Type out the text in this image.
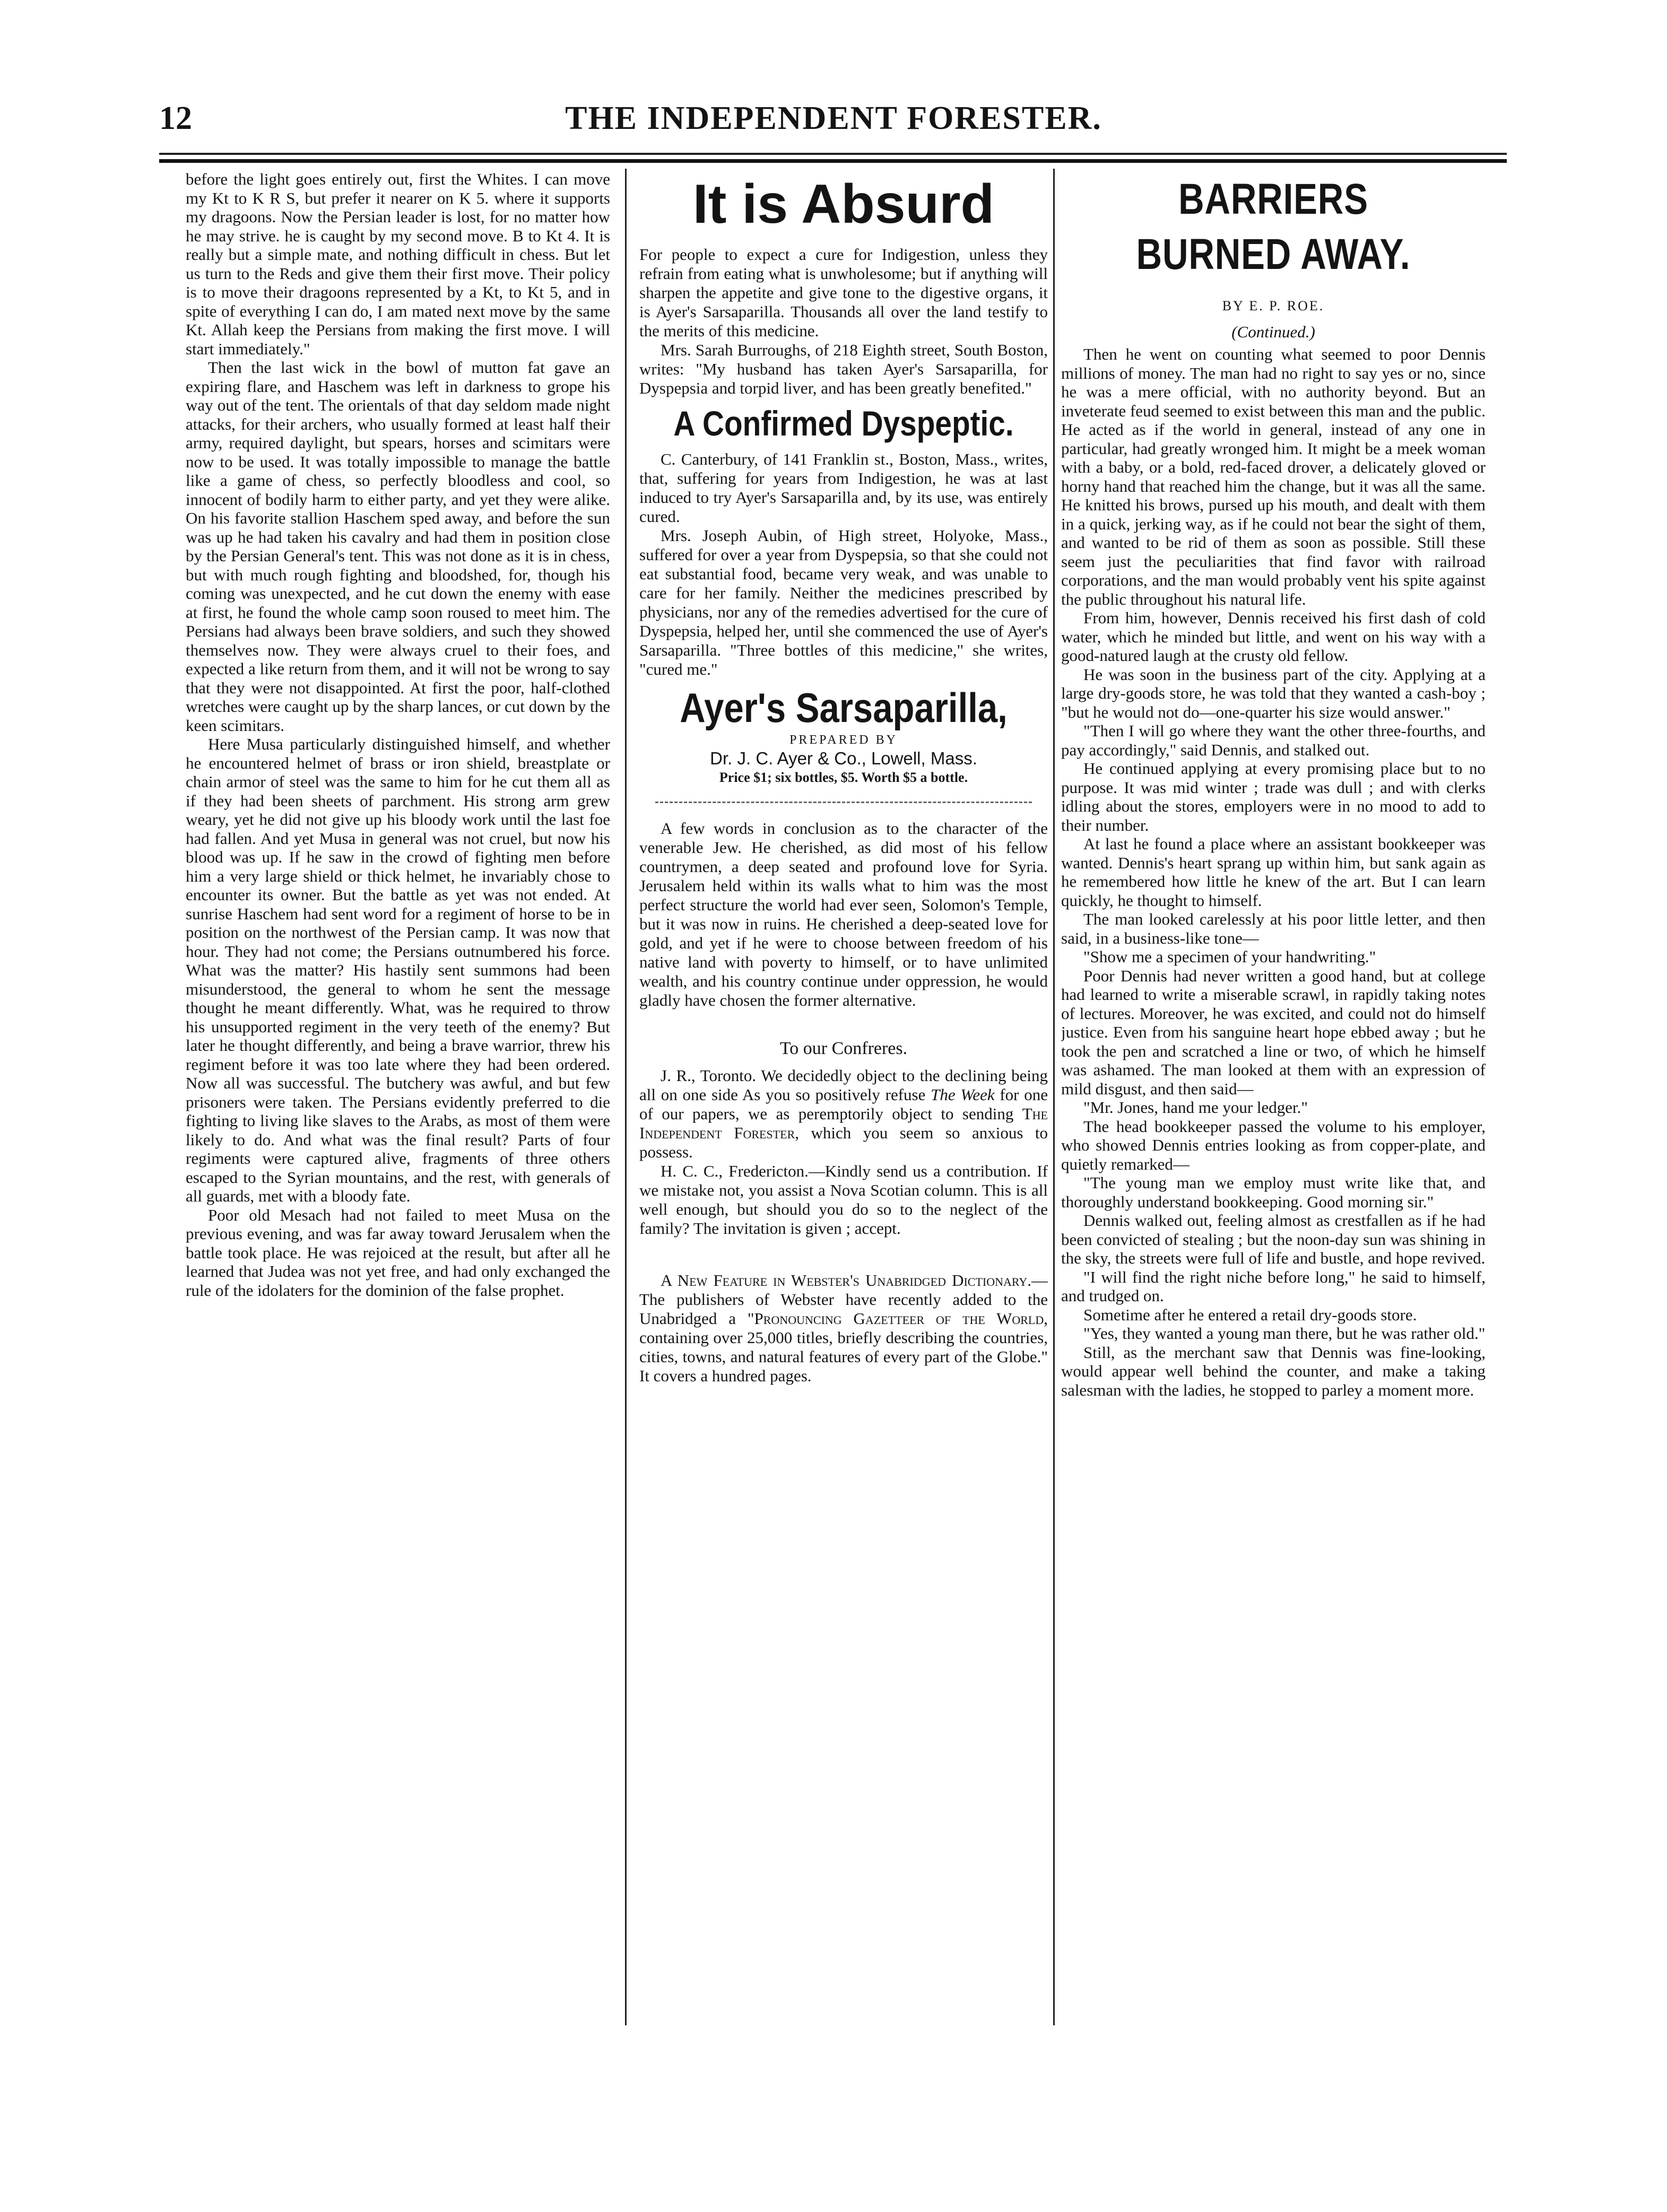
12	THE INDEPENDENT FORESTER.

before the light goes entirely out, first the Whites. I can move my Kt to K R S, but prefer it nearer on K 5. where it supports my dragoons. Now the Persian leader is lost, for no matter how he may strive. he is caught by my second move. B to Kt 4. It is really but a simple mate, and nothing difficult in chess. But let us turn to the Reds and give them their first move. Their policy is to move their dragoons represented by a Kt, to Kt 5, and in spite of everything I can do, I am mated next move by the same Kt. Allah keep the Persians from making the first move. I will start immediately."

Then the last wick in the bowl of mutton fat gave an expiring flare, and Haschem was left in darkness to grope his way out of the tent. The orientals of that day seldom made night attacks, for their archers, who usually formed at least half their army, required daylight, but spears, horses and scimitars were now to be used. It was totally impossible to manage the battle like a game of chess, so perfectly bloodless and cool, so innocent of bodily harm to either party, and yet they were alike. On his favorite stallion Haschem sped away, and before the sun was up he had taken his cavalry and had them in position close by the Persian General's tent. This was not done as it is in chess, but with much rough fighting and bloodshed, for, though his coming was unexpected, and he cut down the enemy with ease at first, he found the whole camp soon roused to meet him. The Persians had always been brave soldiers, and such they showed themselves now. They were always cruel to their foes, and expected a like return from them, and it will not be wrong to say that they were not disappointed. At first the poor, half-clothed wretches were caught up by the sharp lances, or cut down by the keen scimitars.

Here Musa particularly distinguished himself, and whether he encountered helmet of brass or iron shield, breastplate or chain armor of steel was the same to him for he cut them all as if they had been sheets of parchment. His strong arm grew weary, yet he did not give up his bloody work until the last foe had fallen. And yet Musa in general was not cruel, but now his blood was up. If he saw in the crowd of fighting men before him a very large shield or thick helmet, he invariably chose to encounter its owner. But the battle as yet was not ended. At sunrise Haschem had sent word for a regiment of horse to be in position on the northwest of the Persian camp. It was now that hour. They had not come; the Persians outnumbered his force. What was the matter? His hastily sent summons had been misunderstood, the general to whom he sent the message thought he meant differently. What, was he required to throw his unsupported regiment in the very teeth of the enemy? But later he thought differently, and being a brave warrior, threw his regiment before it was too late where they had been ordered. Now all was successful. The butchery was awful, and but few prisoners were taken. The Persians evidently preferred to die fighting to living like slaves to the Arabs, as most of them were likely to do. And what was the final result? Parts of four regiments were captured alive, fragments of three others escaped to the Syrian mountains, and the rest, with generals of all guards, met with a bloody fate.

Poor old Mesach had not failed to meet Musa on the previous evening, and was far away toward Jerusalem when the battle took place. He was rejoiced at the result, but after all he learned that Judea was not yet free, and had only exchanged the rule of the idolaters for the dominion of the false prophet.

It is Absurd

For people to expect a cure for Indigestion, unless they refrain from eating what is unwholesome; but if anything will sharpen the appetite and give tone to the digestive organs, it is Ayer's Sarsaparilla. Thousands all over the land testify to the merits of this medicine.

Mrs. Sarah Burroughs, of 218 Eighth street, South Boston, writes: "My husband has taken Ayer's Sarsaparilla, for Dyspepsia and torpid liver, and has been greatly benefited."

A Confirmed Dyspeptic.

C. Canterbury, of 141 Franklin st., Boston, Mass., writes, that, suffering for years from Indigestion, he was at last induced to try Ayer's Sarsaparilla and, by its use, was entirely cured.

Mrs. Joseph Aubin, of High street, Holyoke, Mass., suffered for over a year from Dyspepsia, so that she could not eat substantial food, became very weak, and was unable to care for her family. Neither the medicines prescribed by physicians, nor any of the remedies advertised for the cure of Dyspepsia, helped her, until she commenced the use of Ayer's Sarsaparilla. "Three bottles of this medicine," she writes, "cured me."

Ayer's Sarsaparilla,
PREPARED BY
Dr. J. C. Ayer & Co., Lowell, Mass.
Price $1; six bottles, $5. Worth $5 a bottle.

A few words in conclusion as to the character of the venerable Jew. He cherished, as did most of his fellow countrymen, a deep seated and profound love for Syria. Jerusalem held within its walls what to him was the most perfect structure the world had ever seen, Solomon's Temple, but it was now in ruins. He cherished a deep-seated love for gold, and yet if he were to choose between freedom of his native land with poverty to himself, or to have unlimited wealth, and his country continue under oppression, he would gladly have chosen the former alternative.

To our Confreres.

J. R., Toronto. We decidedly object to the declining being all on one side As you so positively refuse The Week for one of our papers, we as peremptorily object to sending The Independent Forester, which you seem so anxious to possess.

H. C. C., Fredericton.—Kindly send us a contribution. If we mistake not, you assist a Nova Scotian column. This is all well enough, but should you do so to the neglect of the family? The invitation is given ; accept.

A New Feature in Webster's Unabridged Dictionary.—The publishers of Webster have recently added to the Unabridged a "Pronouncing Gazetteer of the World, containing over 25,000 titles, briefly describing the countries, cities, towns, and natural features of every part of the Globe." It covers a hundred pages.

BARRIERS BURNED AWAY.
BY E. P. ROE.
(Continued.)

Then he went on counting what seemed to poor Dennis millions of money. The man had no right to say yes or no, since he was a mere official, with no authority beyond. But an inveterate feud seemed to exist between this man and the public. He acted as if the world in general, instead of any one in particular, had greatly wronged him. It might be a meek woman with a baby, or a bold, red-faced drover, a delicately gloved or horny hand that reached him the change, but it was all the same. He knitted his brows, pursed up his mouth, and dealt with them in a quick, jerking way, as if he could not bear the sight of them, and wanted to be rid of them as soon as possible. Still these seem just the peculiarities that find favor with railroad corporations, and the man would probably vent his spite against the public throughout his natural life.

From him, however, Dennis received his first dash of cold water, which he minded but little, and went on his way with a good-natured laugh at the crusty old fellow.

He was soon in the business part of the city. Applying at a large dry-goods store, he was told that they wanted a cash-boy ; "but he would not do—one-quarter his size would answer."

"Then I will go where they want the other three-fourths, and pay accordingly," said Dennis, and stalked out.

He continued applying at every promising place but to no purpose. It was mid winter ; trade was dull ; and with clerks idling about the stores, employers were in no mood to add to their number.

At last he found a place where an assistant bookkeeper was wanted. Dennis's heart sprang up within him, but sank again as he remembered how little he knew of the art. But I can learn quickly, he thought to himself.

The man looked carelessly at his poor little letter, and then said, in a business-like tone—

"Show me a specimen of your handwriting."

Poor Dennis had never written a good hand, but at college had learned to write a miserable scrawl, in rapidly taking notes of lectures. Moreover, he was excited, and could not do himself justice. Even from his sanguine heart hope ebbed away ; but he took the pen and scratched a line or two, of which he himself was ashamed. The man looked at them with an expression of mild disgust, and then said—

"Mr. Jones, hand me your ledger."

The head bookkeeper passed the volume to his employer, who showed Dennis entries looking as from copper-plate, and quietly remarked—

"The young man we employ must write like that, and thoroughly understand bookkeeping. Good morning sir."

Dennis walked out, feeling almost as crestfallen as if he had been convicted of stealing ; but the noon-day sun was shining in the sky, the streets were full of life and bustle, and hope revived.

"I will find the right niche before long," he said to himself, and trudged on.

Sometime after he entered a retail dry-goods store.

"Yes, they wanted a young man there, but he was rather old."

Still, as the merchant saw that Dennis was fine-looking, would appear well behind the counter, and make a taking salesman with the ladies, he stopped to parley a moment more.
